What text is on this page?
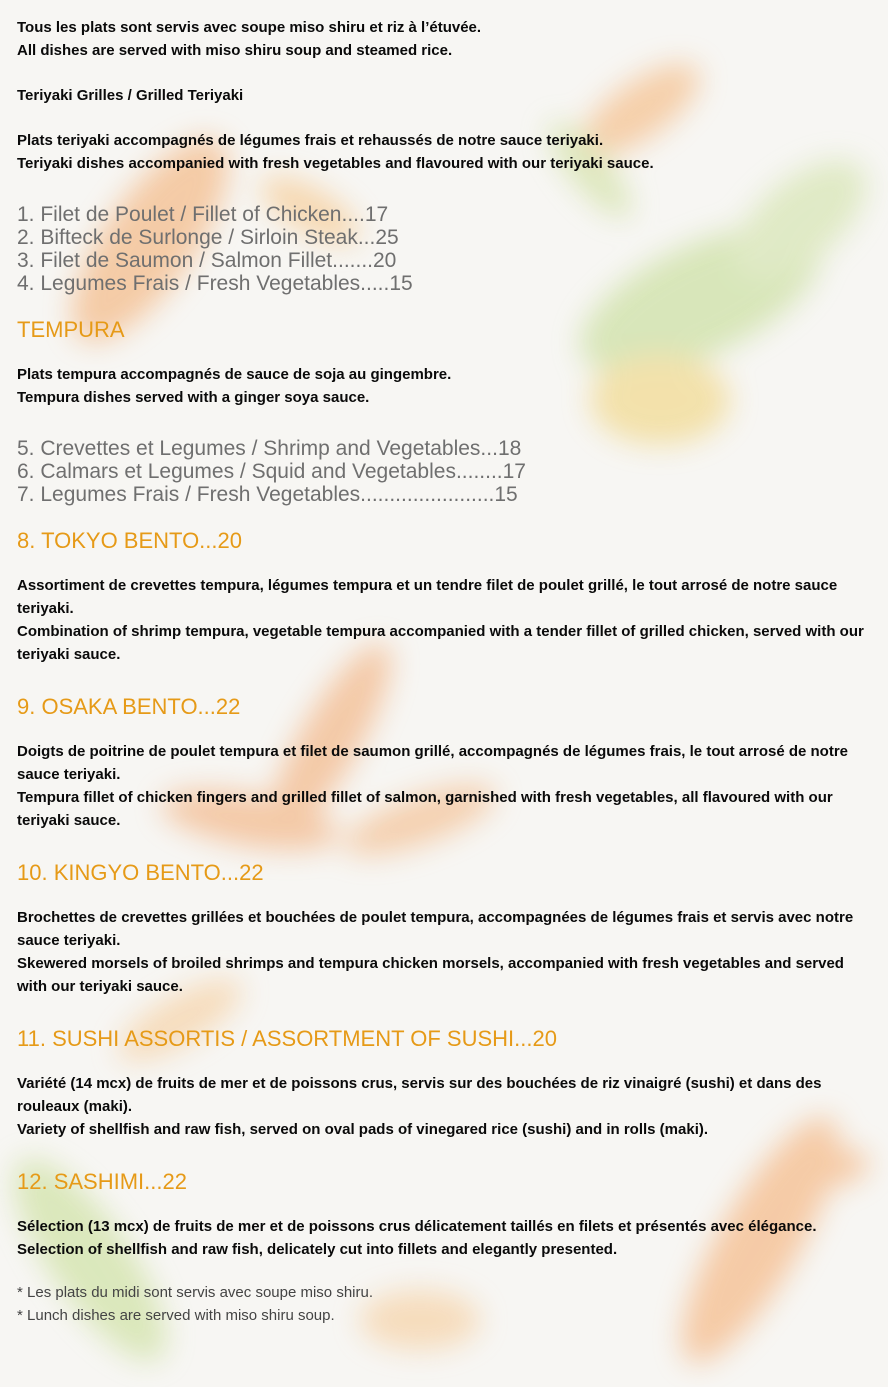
Tous les plats sont servis avec soupe miso shiru et riz à l’étuvée.

All dishes are served with miso shiru soup and steamed rice.

Teriyaki Grilles / Grilled Teriyaki

Plats teriyaki accompagnés de légumes frais et rehaussés de notre sauce teriyaki.

Teriyaki dishes accompanied with fresh vegetables and flavoured with our teriyaki sauce.

1. Filet de Poulet / Fillet of Chicken....17

2. Bifteck de Surlonge / Sirloin Steak...25

3. Filet de Saumon / Salmon Fillet.......20

4. Legumes Frais / Fresh Vegetables.....15

TEMPURA

Plats tempura accompagnés de sauce de soja au gingembre.

Tempura dishes served with a ginger soya sauce.

5. Crevettes et Legumes / Shrimp and Vegetables...18

6. Calmars et Legumes / Squid and Vegetables........17

7. Legumes Frais / Fresh Vegetables.......................15

8. TOKYO BENTO...20

Assortiment de crevettes tempura, légumes tempura et un tendre filet de poulet grillé, le tout arrosé de notre sauce teriyaki.

Combination of shrimp tempura, vegetable tempura accompanied with a tender fillet of grilled chicken, served with our teriyaki sauce.

9. OSAKA BENTO...22

Doigts de poitrine de poulet tempura et filet de saumon grillé, accompagnés de légumes frais, le tout arrosé de notre sauce teriyaki.

Tempura fillet of chicken fingers and grilled fillet of salmon, garnished with fresh vegetables, all flavoured with our teriyaki sauce.

10. KINGYO BENTO...22

Brochettes de crevettes grillées et bouchées de poulet tempura, accompagnées de légumes frais et servis avec notre sauce teriyaki.

Skewered morsels of broiled shrimps and tempura chicken morsels, accompanied with fresh vegetables and served with our teriyaki sauce.

11. SUSHI ASSORTIS / ASSORTMENT OF SUSHI...20

Variété (14 mcx) de fruits de mer et de poissons crus, servis sur des bouchées de riz vinaigré (sushi) et dans des rouleaux (maki).

Variety of shellfish and raw fish, served on oval pads of vinegared rice (sushi) and in rolls (maki).

12. SASHIMI...22

Sélection (13 mcx) de fruits de mer et de poissons crus délicatement taillés en filets et présentés avec élégance.

Selection of shellfish and raw fish, delicately cut into fillets and elegantly presented.

* Les plats du midi sont servis avec soupe miso shiru.

* Lunch dishes are served with miso shiru soup.
